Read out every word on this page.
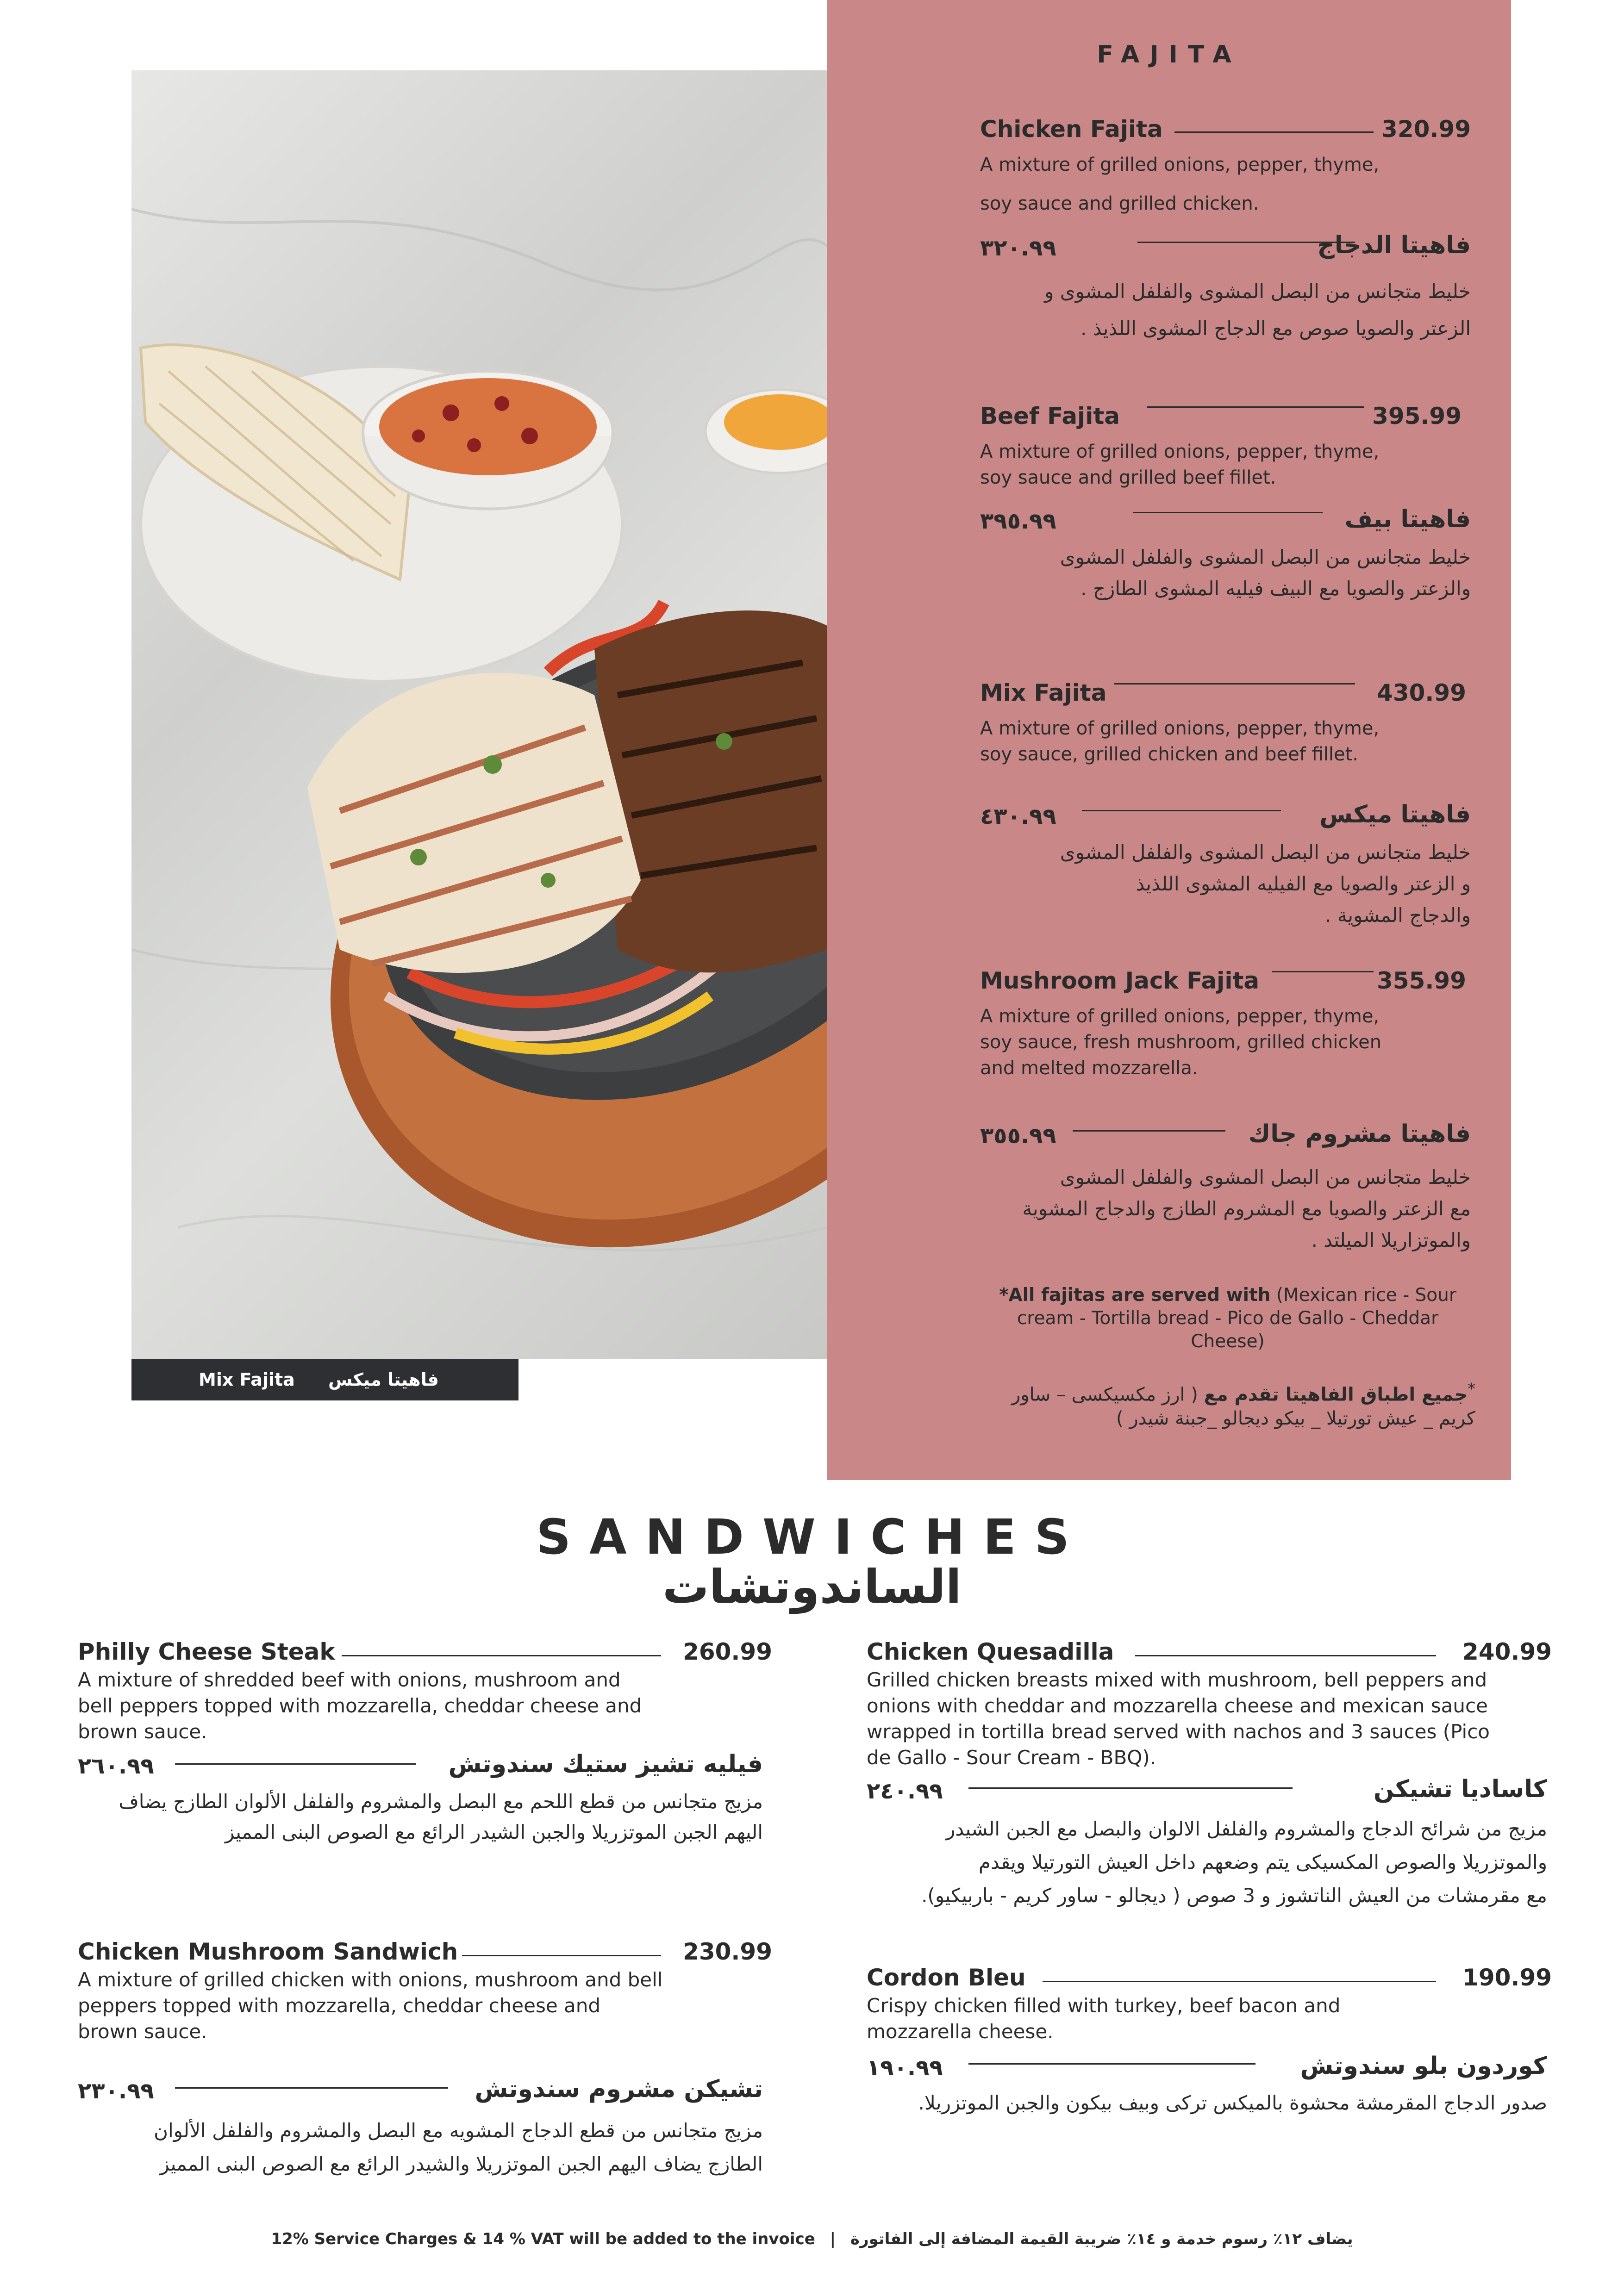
Mix Fajita فاهيتا ميكس
FAJITA
Chicken Fajita	320.99
A mixture of grilled onions, pepper, thyme,
soy sauce and grilled chicken.
٣٢٠.٩٩	فاهيتا الدجاج
خليط متجانس من البصل المشوى والفلفل المشوى و
الزعتر والصويا صوص مع الدجاج المشوى اللذيذ .
Beef Fajita	395.99
A mixture of grilled onions, pepper, thyme,
soy sauce and grilled beef fillet.
٣٩٥.٩٩	فاهيتا بيف
خليط متجانس من البصل المشوى والفلفل المشوى
والزعتر والصويا مع البيف فيليه المشوى الطازج .
Mix Fajita	430.99
A mixture of grilled onions, pepper, thyme,
soy sauce, grilled chicken and beef fillet.
٤٣٠.٩٩	فاهيتا ميكس
خليط متجانس من البصل المشوى والفلفل المشوى
و الزعتر والصويا مع الفيليه المشوى اللذيذ
والدجاج المشوية .
Mushroom Jack Fajita	355.99
A mixture of grilled onions, pepper, thyme,
soy sauce, fresh mushroom, grilled chicken
and melted mozzarella.
٣٥٥.٩٩	فاهيتا مشروم جاك
خليط متجانس من البصل المشوى والفلفل المشوى
مع الزعتر والصويا مع المشروم الطازج والدجاج المشوية
والموتزاريلا الميلتد .
*All fajitas are served with (Mexican rice - Sour cream - Tortilla bread - Pico de Gallo - Cheddar Cheese)
*جميع اطباق الفاهيتا تقدم مع ( ارز مكسيكسى – ساور كريم _ عيش تورتيلا _ بيكو ديجالو _جبنة شيدر )
SANDWICHES
الساندوتشات
Philly Cheese Steak	260.99
A mixture of shredded beef with onions, mushroom and
bell peppers topped with mozzarella, cheddar cheese and
brown sauce.
٢٦٠.٩٩	فيليه تشيز ستيك سندوتش
مزيج متجانس من قطع اللحم مع البصل والمشروم والفلفل الألوان الطازج يضاف
اليهم الجبن الموتزريلا والجبن الشيدر الرائع مع الصوص البنى المميز
Chicken Mushroom Sandwich	230.99
A mixture of grilled chicken with onions, mushroom and bell
peppers topped with mozzarella, cheddar cheese and
brown sauce.
٢٣٠.٩٩	تشيكن مشروم سندوتش
مزيج متجانس من قطع الدجاج المشويه مع البصل والمشروم والفلفل الألوان
الطازج يضاف اليهم الجبن الموتزريلا والشيدر الرائع مع الصوص البنى المميز
Chicken Quesadilla	240.99
Grilled chicken breasts mixed with mushroom, bell peppers and
onions with cheddar and mozzarella cheese and mexican sauce
wrapped in tortilla bread served with nachos and 3 sauces (Pico
de Gallo - Sour Cream - BBQ).
٢٤٠.٩٩	كاساديا تشيكن
مزيج من شرائح الدجاج والمشروم والفلفل الالوان والبصل مع الجبن الشيدر
والموتزريلا والصوص المكسيكى يتم وضعهم داخل العيش التورتيلا ويقدم
مع مقرمشات من العيش الناتشوز و 3 صوص ( ديجالو - ساور كريم - باربيكيو).
Cordon Bleu	190.99
Crispy chicken filled with turkey, beef bacon and
mozzarella cheese.
١٩٠.٩٩	كوردون بلو سندوتش
صدور الدجاج المقرمشة محشوة بالميكس تركى وبيف بيكون والجبن الموتزريلا.
12% Service Charges & 14 % VAT will be added to the invoice | يضاف ١٢٪ رسوم خدمة و ١٤٪ ضريبة القيمة المضافة إلى الفاتورة
